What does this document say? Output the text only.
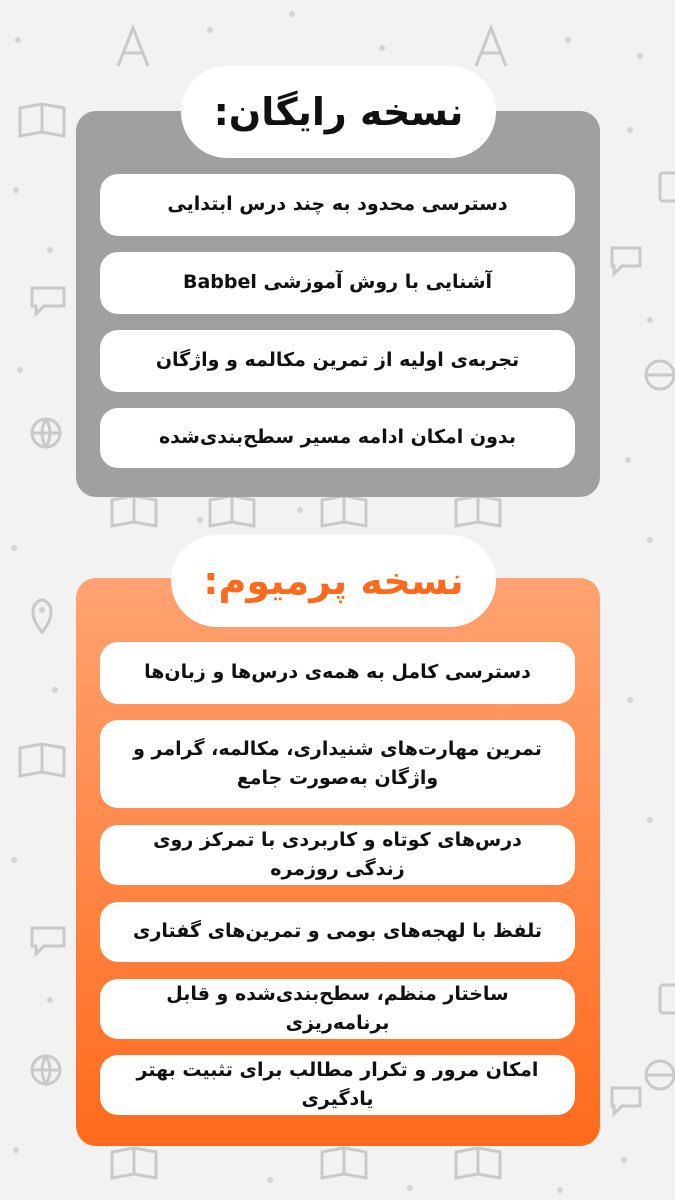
نسخه رایگان:
دسترسی محدود به چند درس ابتدایی
آشنایی با روش آموزشی Babbel
تجربه‌ی اولیه از تمرین مکالمه و واژگان
بدون امکان ادامه مسیر سطح‌بندی‌شده
نسخه پرمیوم:
دسترسی کامل به همه‌ی درس‌ها و زبان‌ها
تمرین مهارت‌های شنیداری، مکالمه، گرامر و واژگان به‌صورت جامع
درس‌های کوتاه و کاربردی با تمرکز روی زندگی روزمره
تلفظ با لهجه‌های بومی و تمرین‌های گفتاری
ساختار منظم، سطح‌بندی‌شده و قابل برنامه‌ریزی
امکان مرور و تکرار مطالب برای تثبیت بهتر یادگیری
